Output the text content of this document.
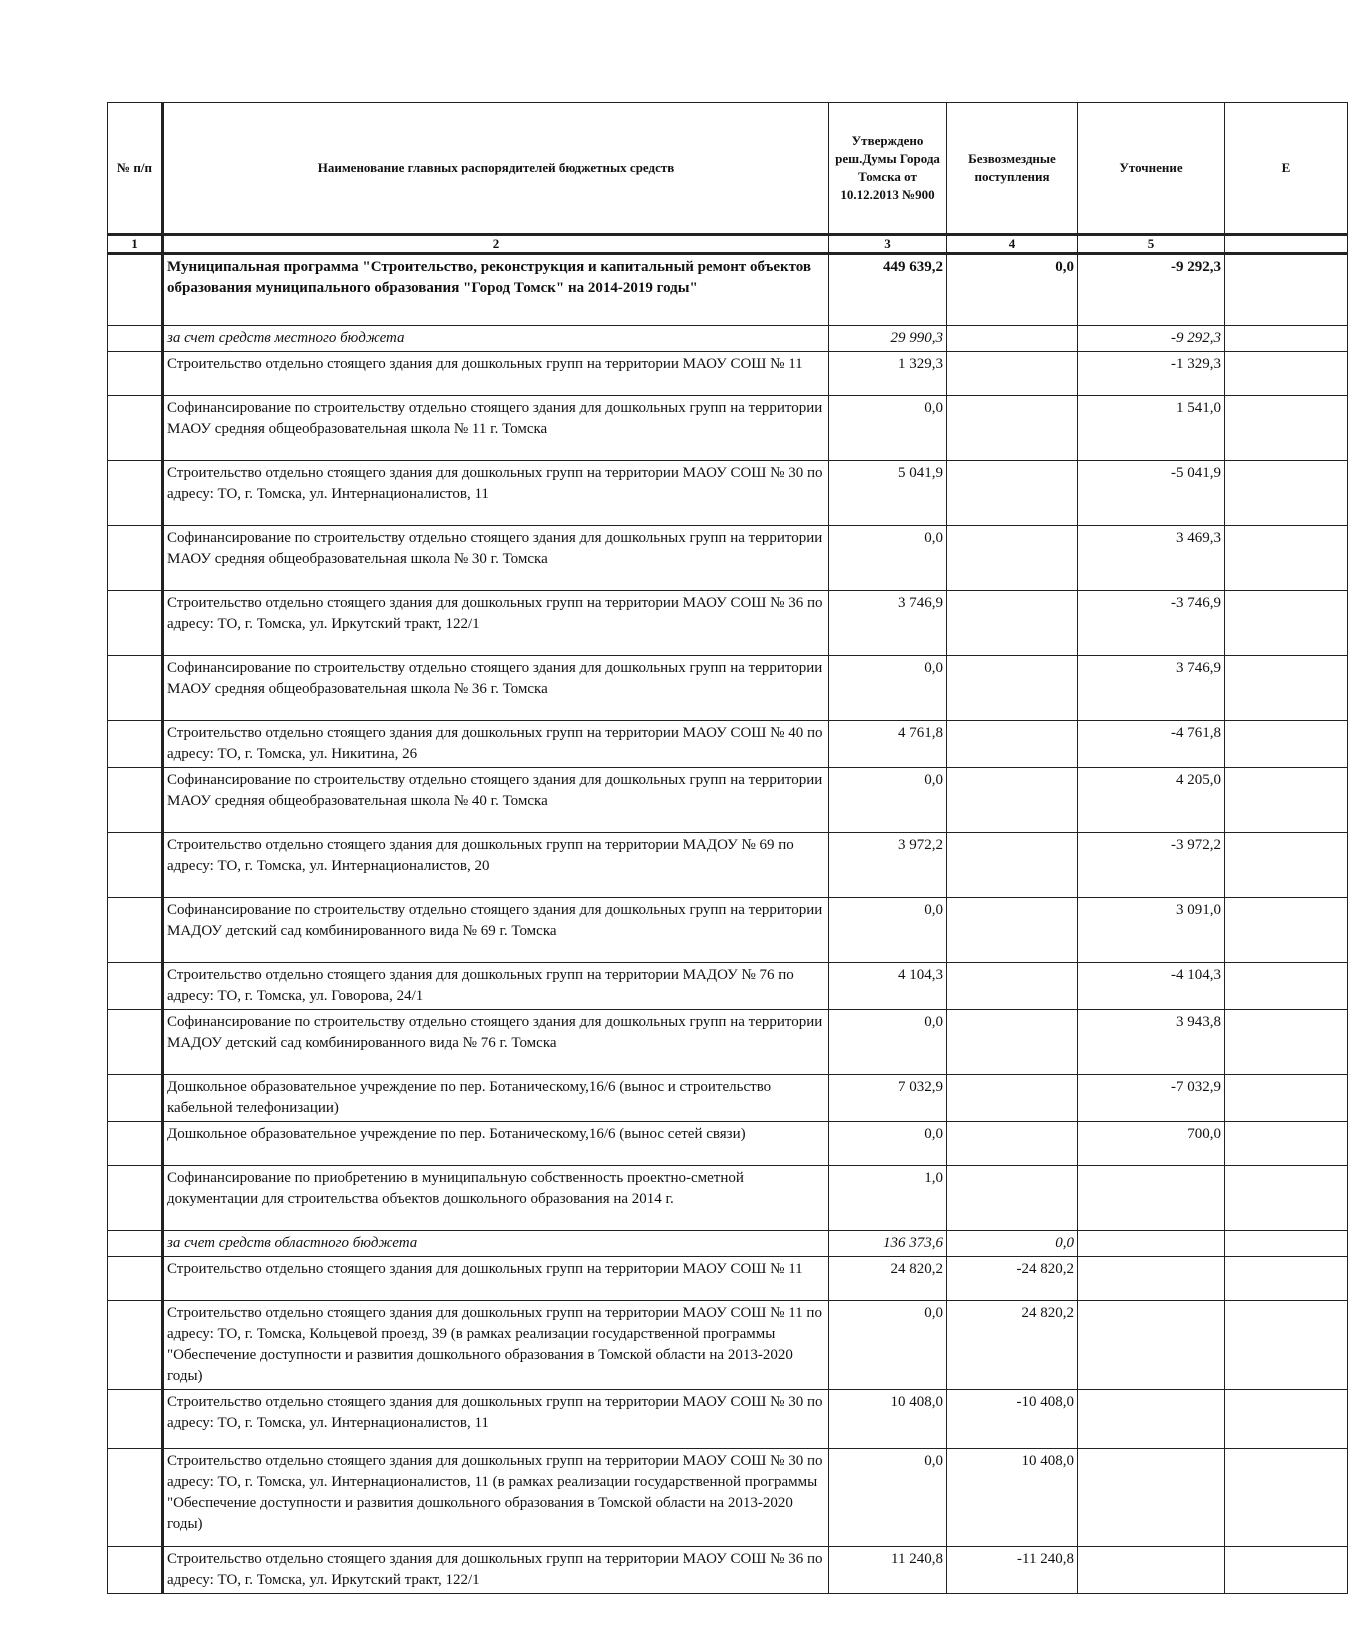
№ п/п	Наименование главных распорядителей бюджетных средств	Утверждено реш.Думы Города Томска от 10.12.2013 №900	Безвозмездные поступления	Уточнение	Е
1	2	3	4	5	
	Муниципальная программа "Строительство, реконструкция и капитальный ремонт объектов образования муниципального образования "Город Томск" на 2014-2019 годы"	449 639,2	0,0	-9 292,3	
	за счет средств местного бюджета	29 990,3		-9 292,3	
	Строительство отдельно стоящего здания для дошкольных групп на территории МАОУ СОШ № 11	1 329,3		-1 329,3	
	Софинансирование по строительству отдельно стоящего здания для дошкольных групп на территории МАОУ средняя общеобразовательная школа № 11 г. Томска	0,0		1 541,0	
	Строительство отдельно стоящего здания для дошкольных групп на территории МАОУ СОШ № 30 по адресу: ТО, г. Томска, ул. Интернационалистов, 11	5 041,9		-5 041,9	
	Софинансирование по строительству отдельно стоящего здания для дошкольных групп на территории МАОУ средняя общеобразовательная школа № 30 г. Томска	0,0		3 469,3	
	Строительство отдельно стоящего здания для дошкольных групп на территории МАОУ СОШ № 36 по адресу: ТО, г. Томска, ул. Иркутский тракт, 122/1	3 746,9		-3 746,9	
	Софинансирование по строительству отдельно стоящего здания для дошкольных групп на территории МАОУ средняя общеобразовательная школа № 36 г. Томска	0,0		3 746,9	
	Строительство отдельно стоящего здания для дошкольных групп на территории МАОУ СОШ № 40 по адресу: ТО, г. Томска, ул. Никитина, 26	4 761,8		-4 761,8	
	Софинансирование по строительству отдельно стоящего здания для дошкольных групп на территории МАОУ средняя общеобразовательная школа № 40 г. Томска	0,0		4 205,0	
	Строительство отдельно стоящего здания для дошкольных групп на территории МАДОУ № 69 по адресу: ТО, г. Томска, ул. Интернационалистов, 20	3 972,2		-3 972,2	
	Софинансирование по строительству отдельно стоящего здания для дошкольных групп на территории МАДОУ детский сад комбинированного вида № 69 г. Томска	0,0		3 091,0	
	Строительство отдельно стоящего здания для дошкольных групп на территории МАДОУ № 76 по адресу: ТО, г. Томска, ул. Говорова, 24/1	4 104,3		-4 104,3	
	Софинансирование по строительству отдельно стоящего здания для дошкольных групп на территории МАДОУ детский сад комбинированного вида № 76 г. Томска	0,0		3 943,8	
	Дошкольное образовательное учреждение по пер. Ботаническому,16/6 (вынос и строительство кабельной телефонизации)	7 032,9		-7 032,9	
	Дошкольное образовательное учреждение по пер. Ботаническому,16/6 (вынос сетей связи)	0,0		700,0	
	Софинансирование по приобретению в муниципальную собственность проектно-сметной документации для строительства объектов дошкольного образования на 2014 г.	1,0			
	за счет средств областного бюджета	136 373,6	0,0		
	Строительство отдельно стоящего здания для дошкольных групп на территории МАОУ СОШ № 11	24 820,2	-24 820,2		
	Строительство отдельно стоящего здания для дошкольных групп на территории МАОУ СОШ № 11 по адресу: ТО, г. Томска, Кольцевой проезд, 39 (в рамках реализации государственной программы "Обеспечение доступности и развития дошкольного образования в Томской области на 2013-2020 годы)	0,0	24 820,2		
	Строительство отдельно стоящего здания для дошкольных групп на территории МАОУ СОШ № 30 по адресу: ТО, г. Томска, ул. Интернационалистов, 11	10 408,0	-10 408,0		
	Строительство отдельно стоящего здания для дошкольных групп на территории МАОУ СОШ № 30 по адресу: ТО, г. Томска, ул. Интернационалистов, 11 (в рамках реализации государственной программы "Обеспечение доступности и развития дошкольного образования в Томской области на 2013-2020 годы)	0,0	10 408,0		
	Строительство отдельно стоящего здания для дошкольных групп на территории МАОУ СОШ № 36 по адресу: ТО, г. Томска, ул. Иркутский тракт, 122/1	11 240,8	-11 240,8		
